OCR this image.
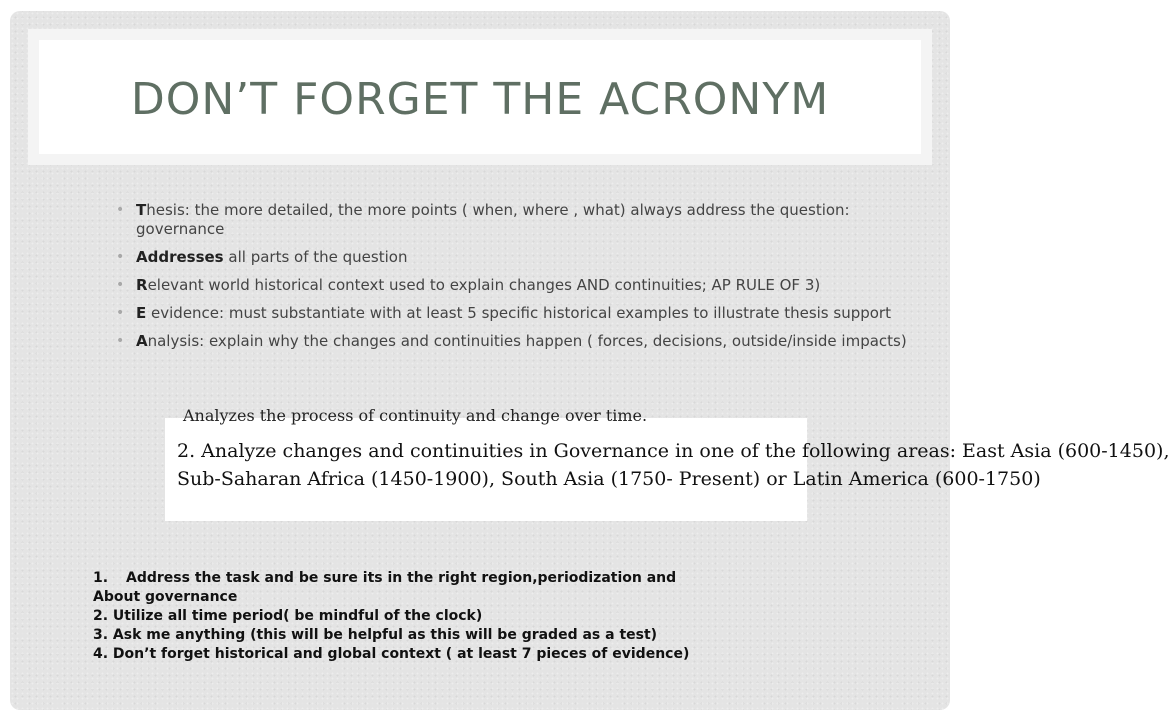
DON’T FORGET THE ACRONYM
• Thesis: the more detailed, the more points ( when, where , what) always address the question: governance
• Addresses all parts of the question
• Relevant world historical context used to explain changes AND continuities; AP RULE OF 3)
• E evidence: must substantiate with at least 5 specific historical examples to illustrate thesis support
• Analysis: explain why the changes and continuities happen ( forces, decisions, outside/inside impacts)
Analyzes the process of continuity and change over time.
2. Analyze changes and continuities in Governance in one of the following areas: East Asia (600-1450),
Sub-Saharan Africa (1450-1900), South Asia (1750- Present) or Latin America (600-1750)
1. Address the task and be sure its in the right region,periodization and
About governance
2. Utilize all time period( be mindful of the clock)
3. Ask me anything (this will be helpful as this will be graded as a test)
4. Don’t forget historical and global context ( at least 7 pieces of evidence)
